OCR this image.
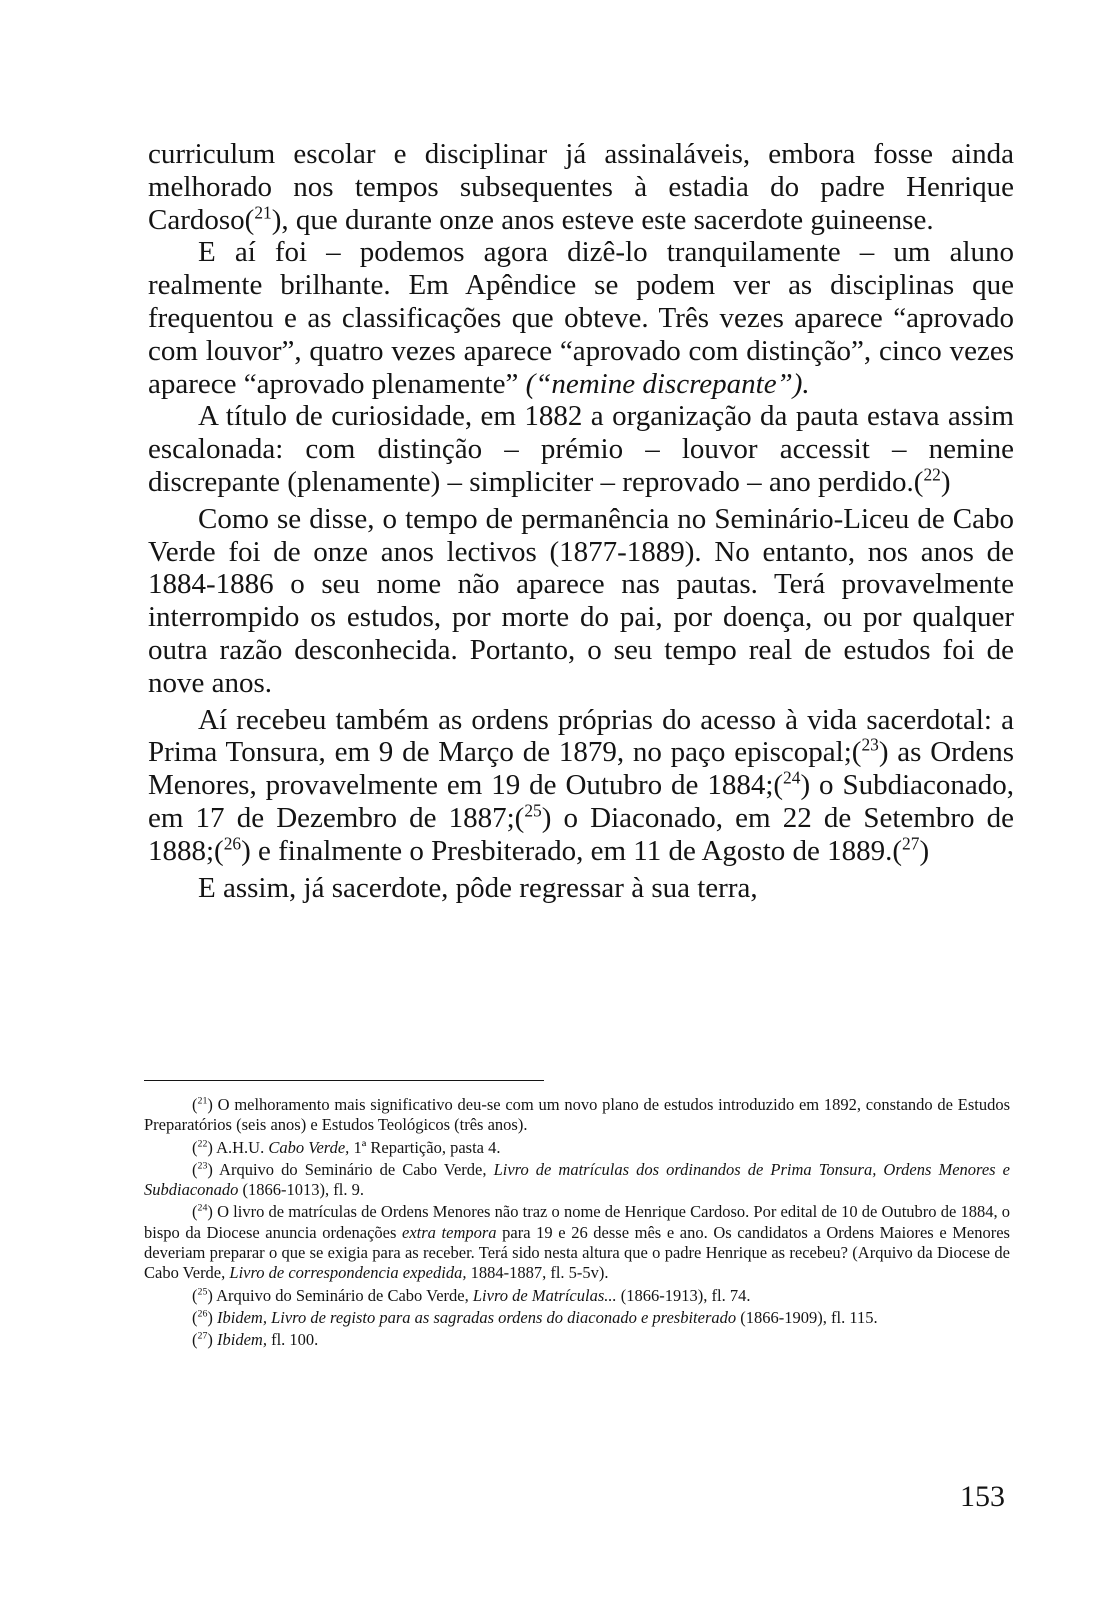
curriculum escolar e disciplinar já assinaláveis, embora fosse ainda melhorado nos tempos subsequentes à estadia do padre Henrique Cardoso($^{21}$), que durante onze anos esteve este sacerdote guineense.

E aí foi – podemos agora dizê-lo tranquilamente – um aluno realmente brilhante. Em Apêndice se podem ver as disciplinas que frequentou e as classificações que obteve. Três vezes aparece “aprovado com louvor”, quatro vezes aparece “aprovado com distinção”, cinco vezes aparece “aprovado plenamente” (“nemine discrepante”).

A título de curiosidade, em 1882 a organização da pauta estava assim escalonada: com distinção – prémio – louvor accessit – nemine discrepante (plenamente) – simpliciter – reprovado – ano perdido.($^{22}$)

Como se disse, o tempo de permanência no Seminário-Liceu de Cabo Verde foi de onze anos lectivos (1877-1889). No entanto, nos anos de 1884-1886 o seu nome não aparece nas pautas. Terá provavelmente interrompido os estudos, por morte do pai, por doença, ou por qualquer outra razão desconhecida. Portanto, o seu tempo real de estudos foi de nove anos.

Aí recebeu também as ordens próprias do acesso à vida sacerdotal: a Prima Tonsura, em 9 de Março de 1879, no paço episcopal;($^{23}$) as Ordens Menores, provavelmente em 19 de Outubro de 1884;($^{24}$) o Subdiaconado, em 17 de Dezembro de 1887;($^{25}$) o Diaconado, em 22 de Setembro de 1888;($^{26}$) e finalmente o Presbiterado, em 11 de Agosto de 1889.($^{27}$)

E assim, já sacerdote, pôde regressar à sua terra,

($^{21}$) O melhoramento mais significativo deu-se com um novo plano de estudos introduzido em 1892, constando de Estudos Preparatórios (seis anos) e Estudos Teológicos (três anos).

($^{22}$) A.H.U. Cabo Verde, 1ª Repartição, pasta 4.

($^{23}$) Arquivo do Seminário de Cabo Verde, Livro de matrículas dos ordinandos de Prima Tonsura, Ordens Menores e Subdiaconado (1866-1013), fl. 9.

($^{24}$) O livro de matrículas de Ordens Menores não traz o nome de Henrique Cardoso. Por edital de 10 de Outubro de 1884, o bispo da Diocese anuncia ordenações extra tempora para 19 e 26 desse mês e ano. Os candidatos a Ordens Maiores e Menores deveriam preparar o que se exigia para as receber. Terá sido nesta altura que o padre Henrique as recebeu? (Arquivo da Diocese de Cabo Verde, Livro de correspondencia expedida, 1884-1887, fl. 5-5v).

($^{25}$) Arquivo do Seminário de Cabo Verde, Livro de Matrículas... (1866-1913), fl. 74.

($^{26}$) Ibidem, Livro de registo para as sagradas ordens do diaconado e presbiterado (1866-1909), fl. 115.

($^{27}$) Ibidem, fl. 100.

153
